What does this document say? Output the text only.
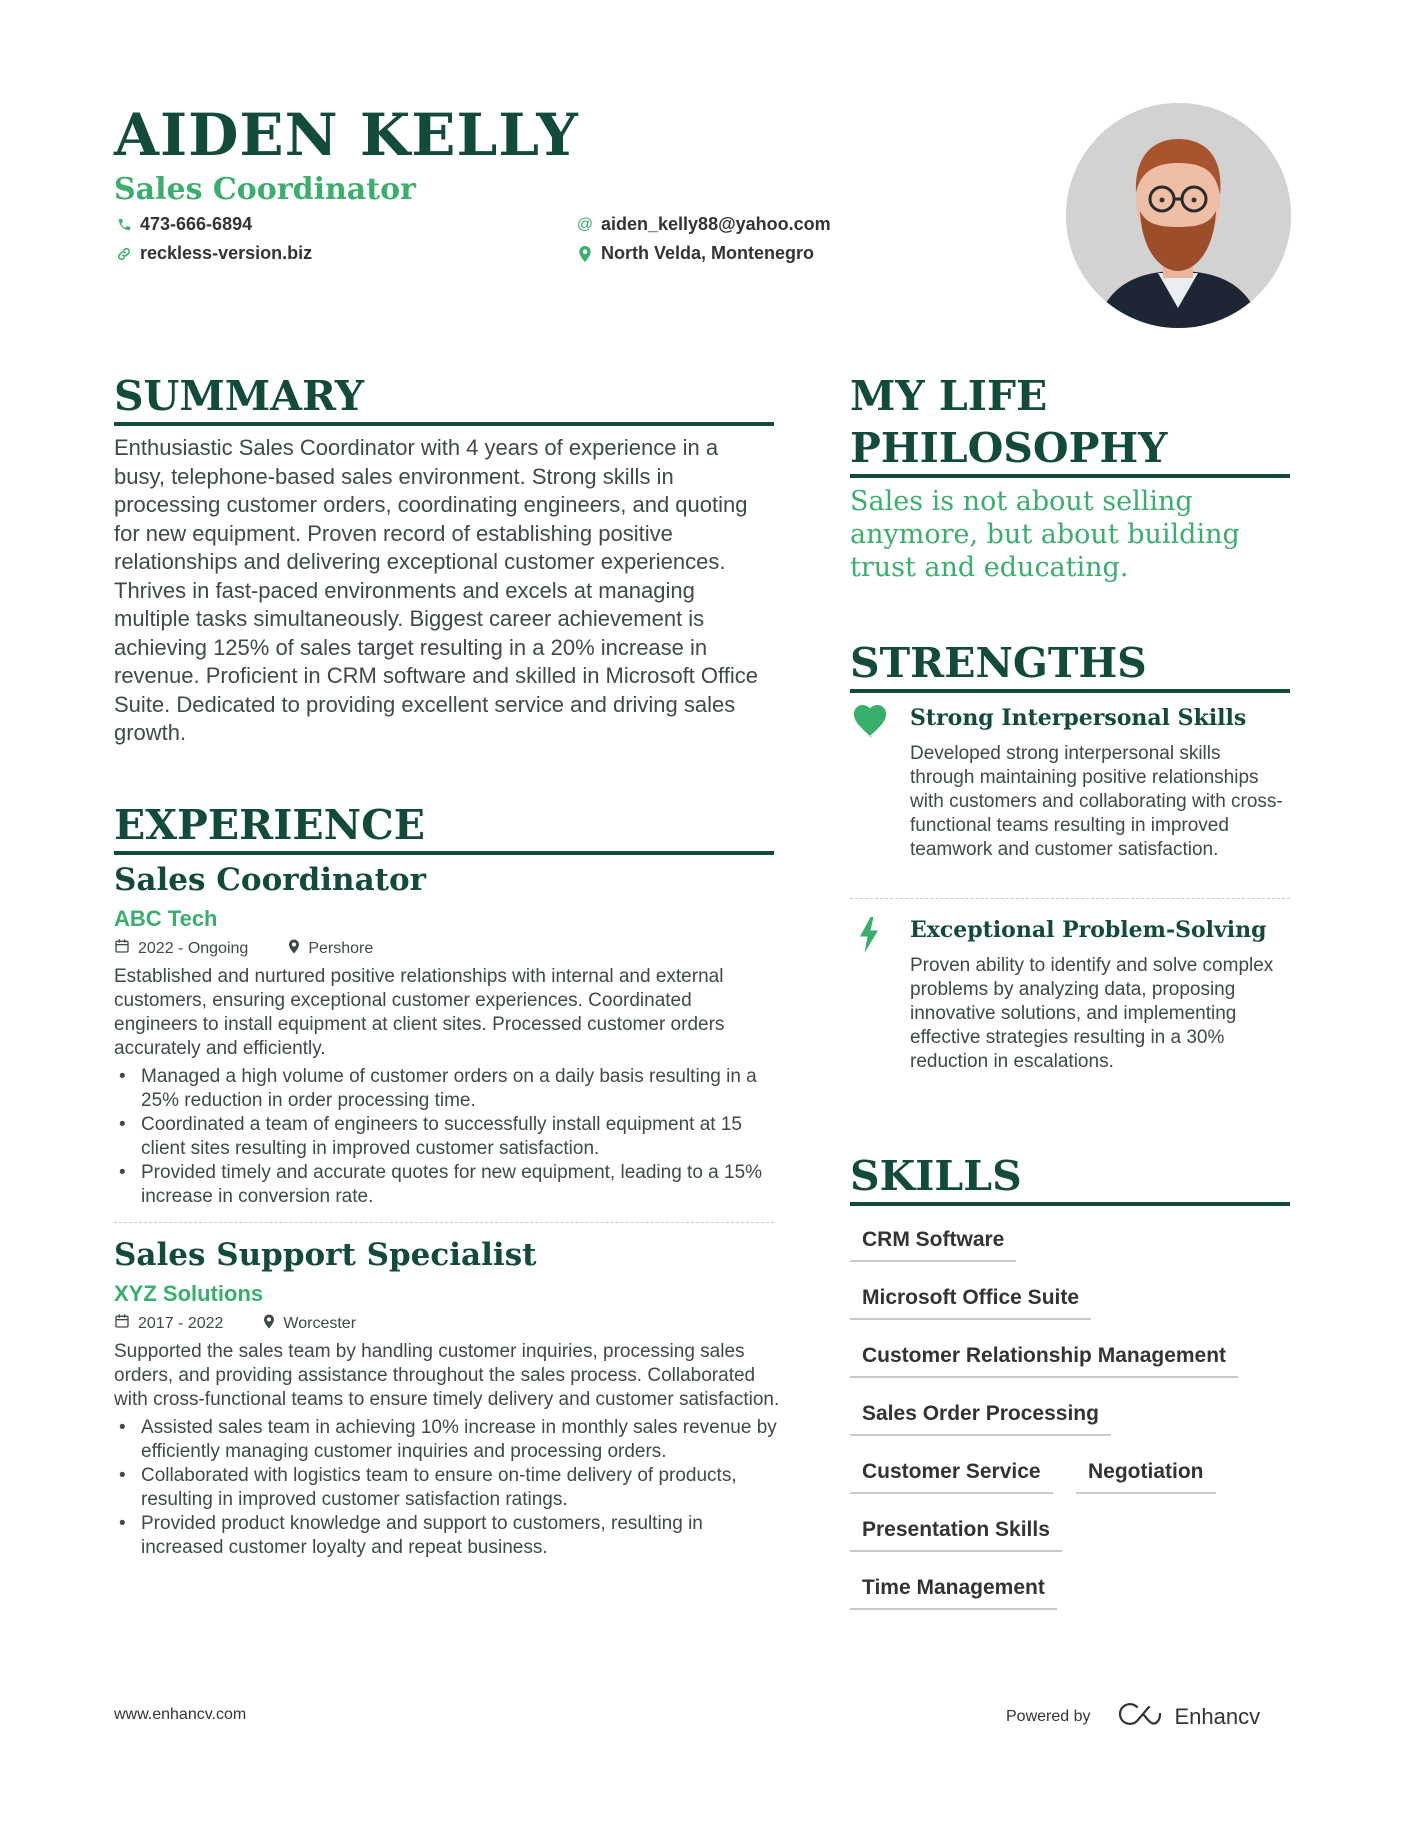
AIDEN KELLY
Sales Coordinator
473-666-6894
reckless-version.biz
@ aiden_kelly88@yahoo.com
North Velda, Montenegro
SUMMARY

Enthusiastic Sales Coordinator with 4 years of experience in a busy, telephone-based sales environment. Strong skills in processing customer orders, coordinating engineers, and quoting for new equipment. Proven record of establishing positive relationships and delivering exceptional customer experiences. Thrives in fast-paced environments and excels at managing multiple tasks simultaneously. Biggest career achievement is achieving 125% of sales target resulting in a 20% increase in revenue. Proficient in CRM software and skilled in Microsoft Office Suite. Dedicated to providing excellent service and driving sales growth.

EXPERIENCE
Sales Coordinator
ABC Tech
2022 - Ongoing	Pershore

Established and nurtured positive relationships with internal and external customers, ensuring exceptional customer experiences. Coordinated engineers to install equipment at client sites. Processed customer orders accurately and efficiently.

• Managed a high volume of customer orders on a daily basis resulting in a 25% reduction in order processing time.
• Coordinated a team of engineers to successfully install equipment at 15 client sites resulting in improved customer satisfaction.
• Provided timely and accurate quotes for new equipment, leading to a 15% increase in conversion rate.
Sales Support Specialist
XYZ Solutions
2017 - 2022	Worcester

Supported the sales team by handling customer inquiries, processing sales orders, and providing assistance throughout the sales process. Collaborated with cross-functional teams to ensure timely delivery and customer satisfaction.

• Assisted sales team in achieving 10% increase in monthly sales revenue by efficiently managing customer inquiries and processing orders.
• Collaborated with logistics team to ensure on-time delivery of products, resulting in improved customer satisfaction ratings.
• Provided product knowledge and support to customers, resulting in increased customer loyalty and repeat business.
MY LIFE PHILOSOPHY

Sales is not about selling anymore, but about building trust and educating.

STRENGTHS
Strong Interpersonal Skills

Developed strong interpersonal skills through maintaining positive relationships with customers and collaborating with cross-functional teams resulting in improved teamwork and customer satisfaction.

Exceptional Problem-Solving

Proven ability to identify and solve complex problems by analyzing data, proposing innovative solutions, and implementing effective strategies resulting in a 30% reduction in escalations.

SKILLS
CRM Software
Microsoft Office Suite
Customer Relationship Management
Sales Order Processing
Customer Service	Negotiation
Presentation Skills
Time Management
www.enhancv.com	Powered by	Enhancv
